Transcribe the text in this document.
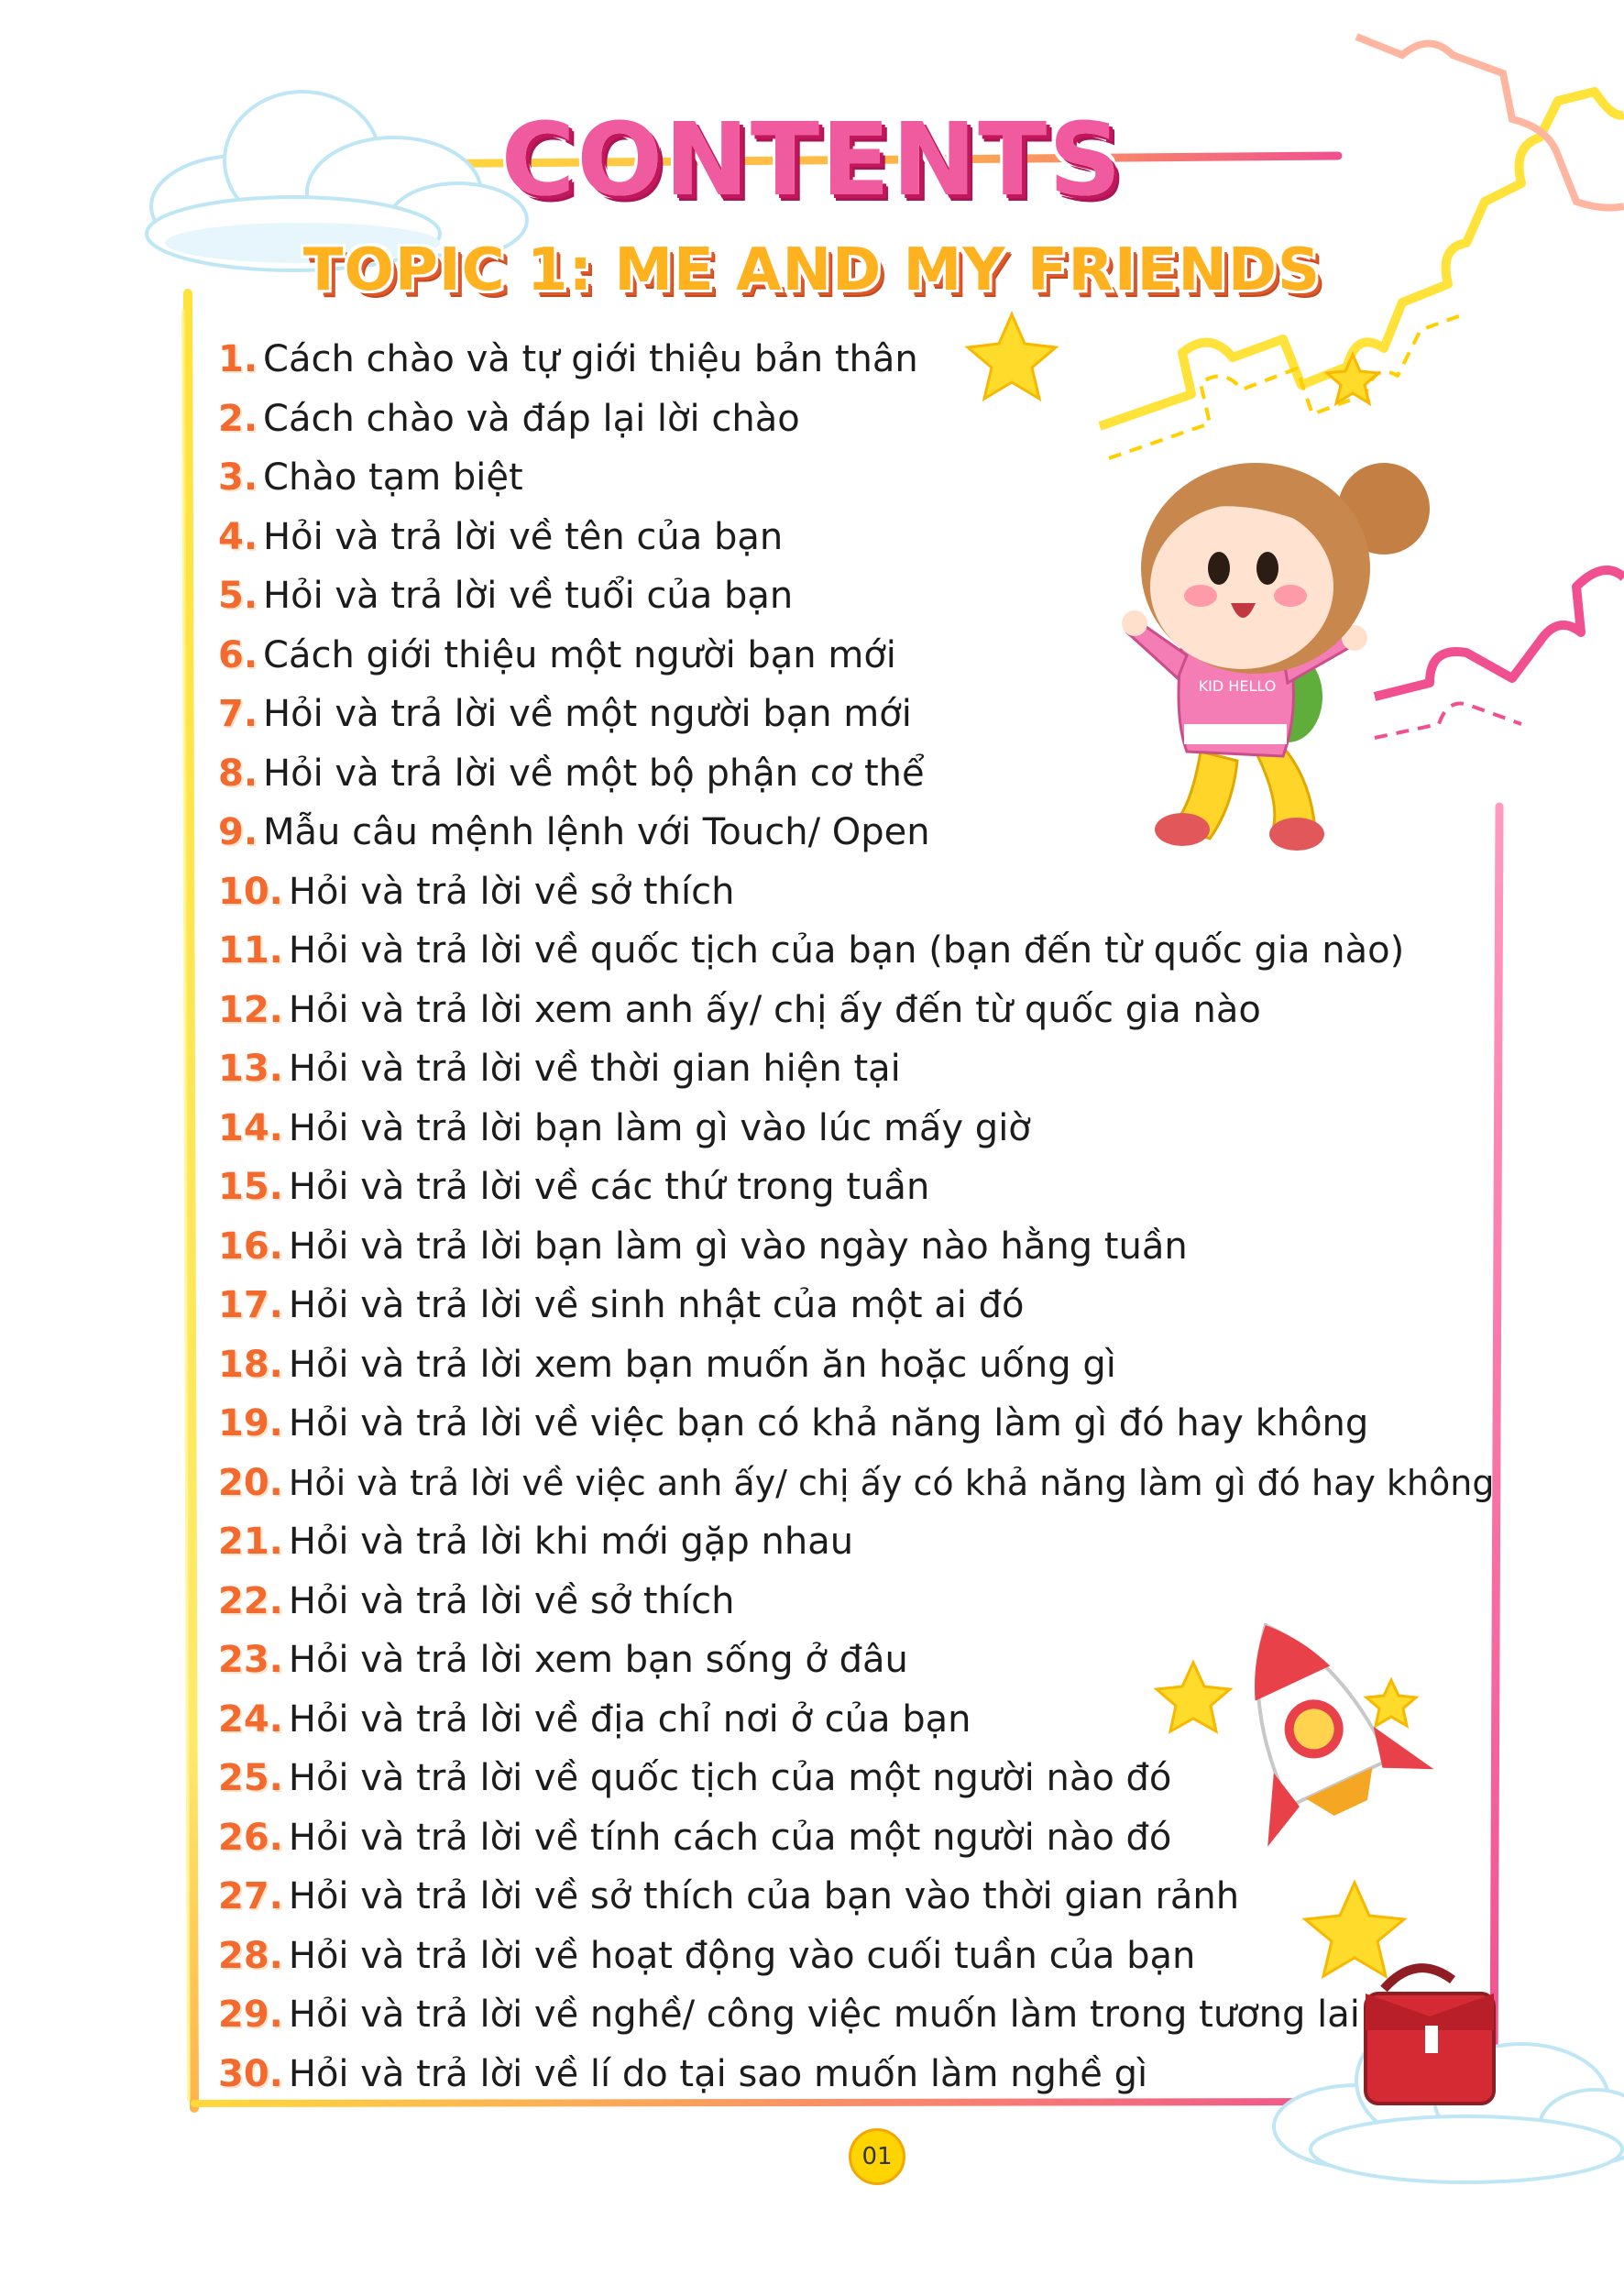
CONTENTS
TOPIC 1: ME AND MY FRIENDS
KID HELLO
1. Cách chào và tự giới thiệu bản thân
2. Cách chào và đáp lại lời chào
3. Chào tạm biệt
4. Hỏi và trả lời về tên của bạn
5. Hỏi và trả lời về tuổi của bạn
6. Cách giới thiệu một người bạn mới
7. Hỏi và trả lời về một người bạn mới
8. Hỏi và trả lời về một bộ phận cơ thể
9. Mẫu câu mệnh lệnh với Touch/ Open
10. Hỏi và trả lời về sở thích
11. Hỏi và trả lời về quốc tịch của bạn (bạn đến từ quốc gia nào)
12. Hỏi và trả lời xem anh ấy/ chị ấy đến từ quốc gia nào
13. Hỏi và trả lời về thời gian hiện tại
14. Hỏi và trả lời bạn làm gì vào lúc mấy giờ
15. Hỏi và trả lời về các thứ trong tuần
16. Hỏi và trả lời bạn làm gì vào ngày nào hằng tuần
17. Hỏi và trả lời về sinh nhật của một ai đó
18. Hỏi và trả lời xem bạn muốn ăn hoặc uống gì
19. Hỏi và trả lời về việc bạn có khả năng làm gì đó hay không
20. Hỏi và trả lời về việc anh ấy/ chị ấy có khả năng làm gì đó hay không
21. Hỏi và trả lời khi mới gặp nhau
22. Hỏi và trả lời về sở thích
23. Hỏi và trả lời xem bạn sống ở đâu
24. Hỏi và trả lời về địa chỉ nơi ở của bạn
25. Hỏi và trả lời về quốc tịch của một người nào đó
26. Hỏi và trả lời về tính cách của một người nào đó
27. Hỏi và trả lời về sở thích của bạn vào thời gian rảnh
28. Hỏi và trả lời về hoạt động vào cuối tuần của bạn
29. Hỏi và trả lời về nghề/ công việc muốn làm trong tương lai
30. Hỏi và trả lời về lí do tại sao muốn làm nghề gì
01
